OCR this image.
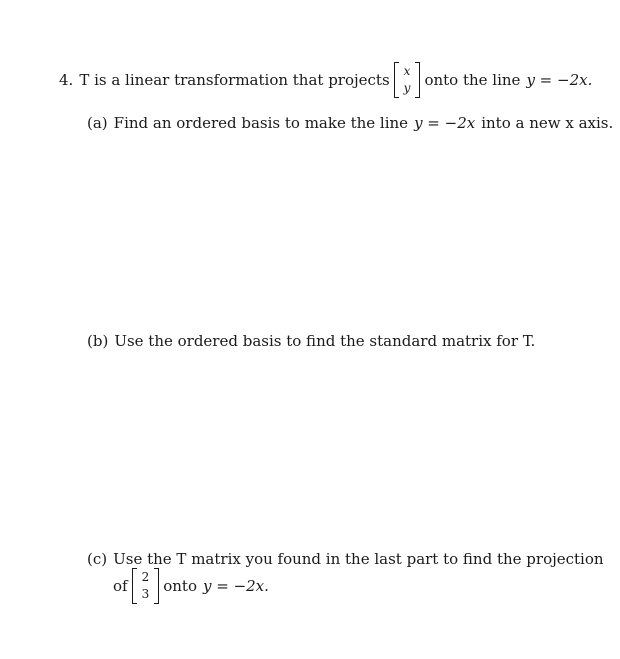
4. T is a linear transformation that projects x
y onto the line y = −2x.
(a) Find an ordered basis to make the line y = −2x into a new x axis.
(b) Use the ordered basis to find the standard matrix for T.
(c) Use the T matrix you found in the last part to find the projection
of 2
3 onto y = −2x.
